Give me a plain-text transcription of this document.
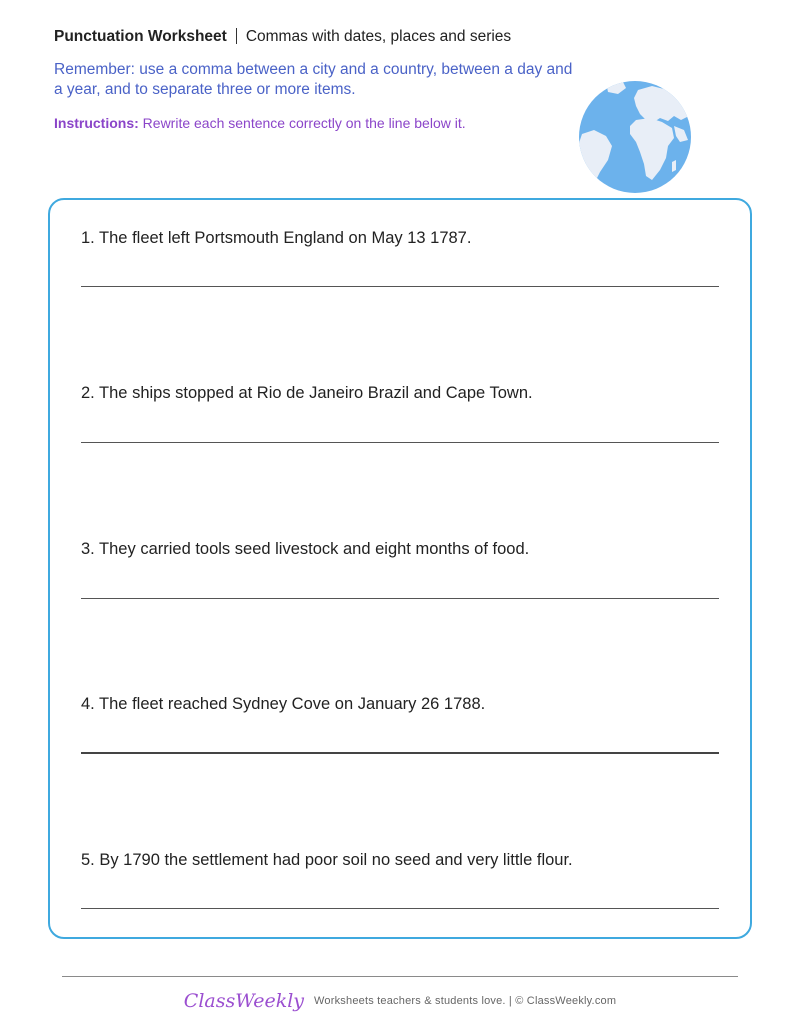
Punctuation Worksheet Commas with dates, places and series
Remember: use a comma between a city and a country, between a day and a year, and to separate three or more items.
Instructions: Rewrite each sentence correctly on the line below it.
1. The fleet left Portsmouth England on May 13 1787.
2. The ships stopped at Rio de Janeiro Brazil and Cape Town.
3. They carried tools seed livestock and eight months of food.
4. The fleet reached Sydney Cove on January 26 1788.
5. By 1790 the settlement had poor soil no seed and very little flour.
ClassWeekly Worksheets teachers & students love. | © ClassWeekly.com
